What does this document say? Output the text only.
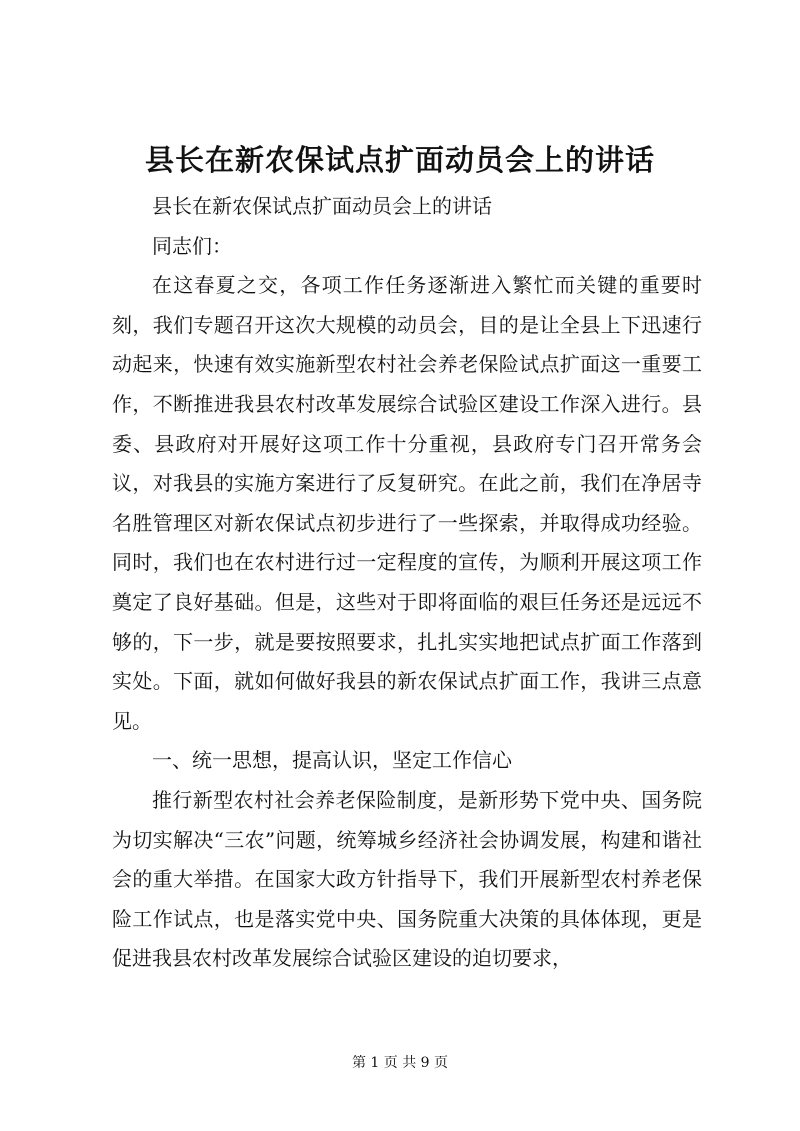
县长在新农保试点扩面动员会上的讲话

县长在新农保试点扩面动员会上的讲话

同志们：

在这春夏之交，各项工作任务逐渐进入繁忙而关键的重要时刻，我们专题召开这次大规模的动员会，目的是让全县上下迅速行动起来，快速有效实施新型农村社会养老保险试点扩面这一重要工作，不断推进我县农村改革发展综合试验区建设工作深入进行。县委、县政府对开展好这项工作十分重视，县政府专门召开常务会议，对我县的实施方案进行了反复研究。在此之前，我们在净居寺名胜管理区对新农保试点初步进行了一些探索，并取得成功经验。同时，我们也在农村进行过一定程度的宣传，为顺利开展这项工作奠定了良好基础。但是，这些对于即将面临的艰巨任务还是远远不够的，下一步，就是要按照要求，扎扎实实地把试点扩面工作落到实处。下面，就如何做好我县的新农保试点扩面工作，我讲三点意见。

一、统一思想，提高认识，坚定工作信心

推行新型农村社会养老保险制度，是新形势下党中央、国务院为切实解决“三农”问题，统筹城乡经济社会协调发展，构建和谐社会的重大举措。在国家大政方针指导下，我们开展新型农村养老保险工作试点，也是落实党中央、国务院重大决策的具体体现，更是促进我县农村改革发展综合试验区建设的迫切要求，

第 1 页 共 9 页
